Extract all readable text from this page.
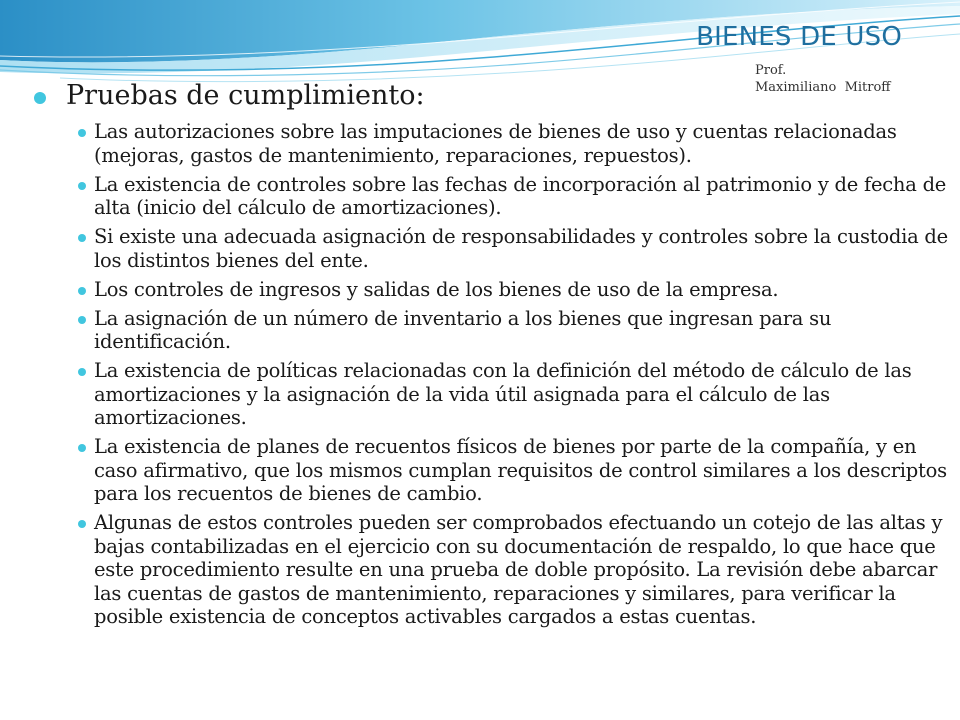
BIENES DE USO
Prof.
Maximiliano  Mitroff
Pruebas de cumplimiento:
Las autorizaciones sobre las imputaciones de bienes de uso y cuentas relacionadas (mejoras, gastos de mantenimiento, reparaciones, repuestos).
La existencia de controles sobre las fechas de incorporación al patrimonio y de fecha de alta (inicio del cálculo de amortizaciones).
Si existe una adecuada asignación de responsabilidades y controles sobre la custodia de los distintos bienes del ente.
Los controles de ingresos y salidas de los bienes de uso de la empresa.
La asignación de un número de inventario a los bienes que ingresan para su identificación.
La existencia de políticas relacionadas con la definición del método de cálculo de las amortizaciones y la asignación de la vida útil asignada para el cálculo de las amortizaciones.
La existencia de planes de recuentos físicos de bienes por parte de la compañía, y en caso afirmativo, que los mismos cumplan requisitos de control similares a los descriptos para los recuentos de bienes de cambio.
Algunas de estos controles pueden ser comprobados efectuando un cotejo de las altas y bajas contabilizadas en el ejercicio con su documentación de respaldo, lo que hace que este procedimiento resulte en una prueba de doble propósito. La revisión debe abarcar las cuentas de gastos de mantenimiento, reparaciones y similares, para verificar la posible existencia de conceptos activables cargados a estas cuentas.
